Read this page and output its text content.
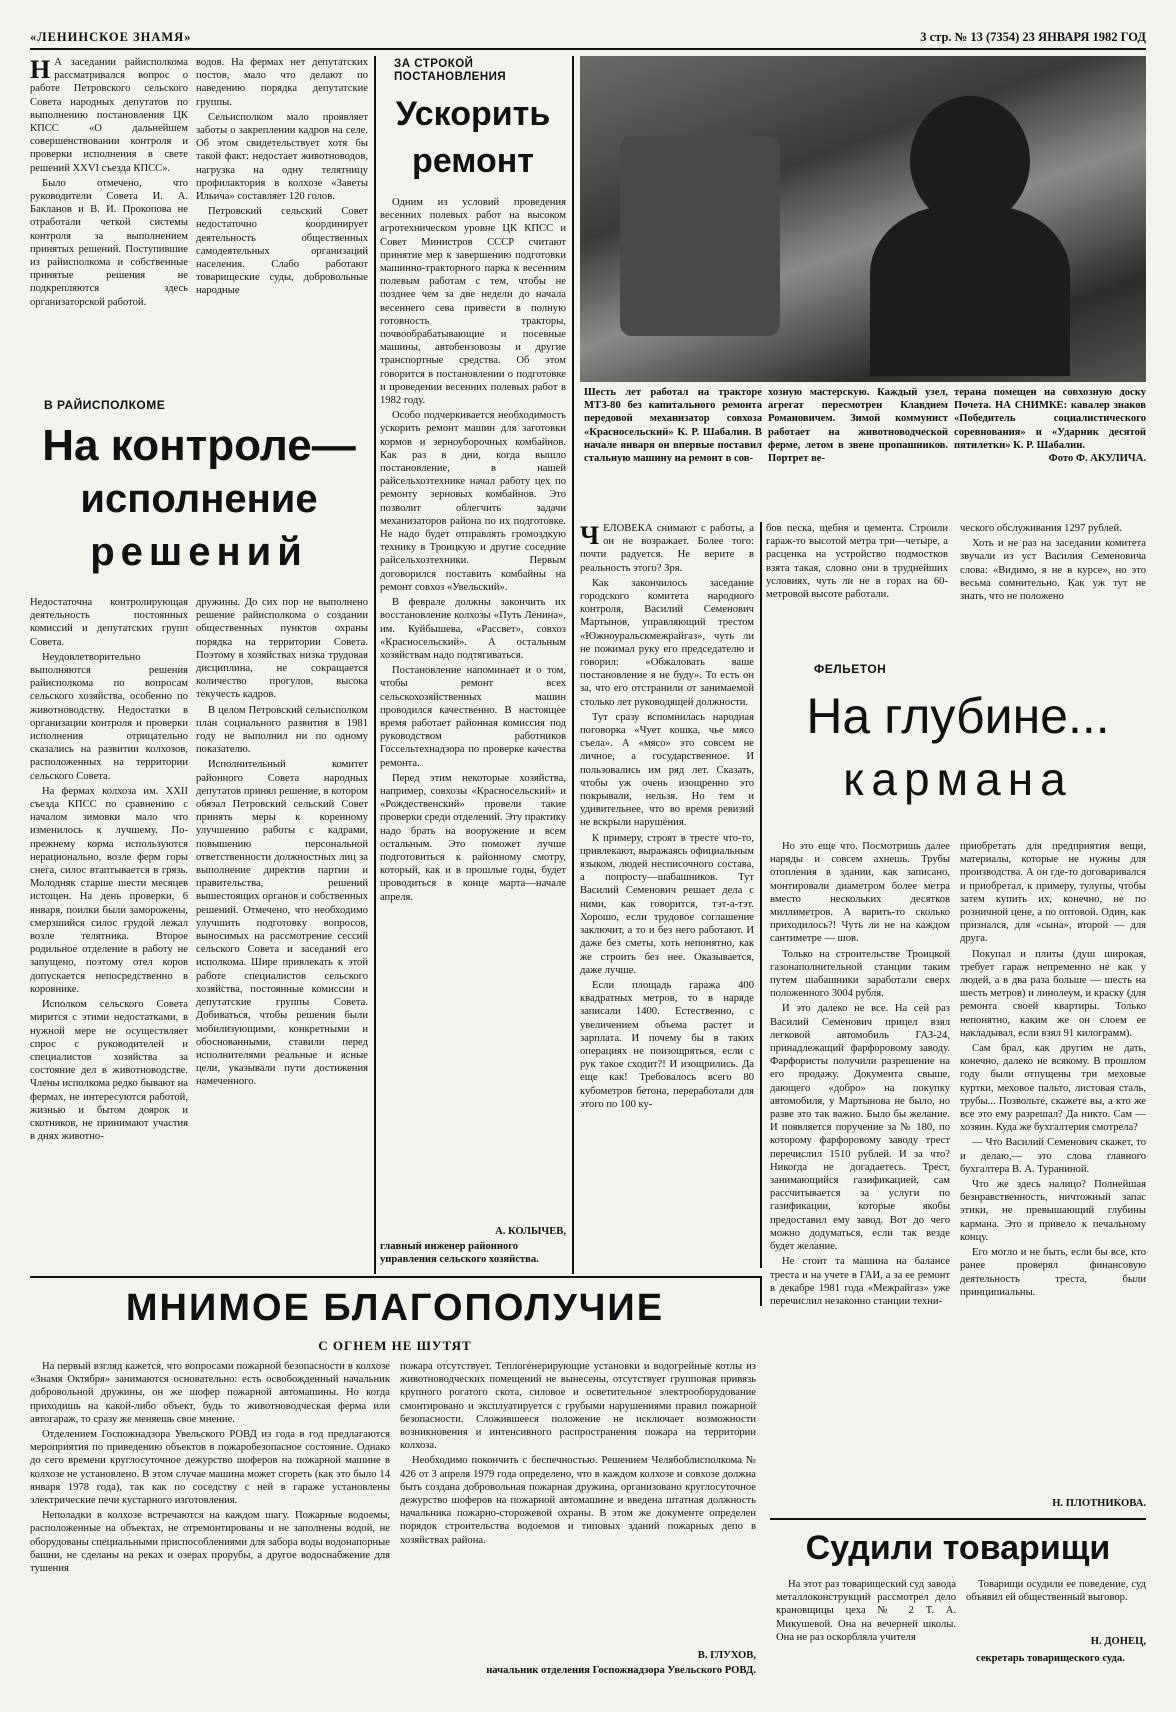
«ЛЕНИНСКОЕ ЗНАМЯ»	3 стр. № 13 (7354) 23 ЯНВАРЯ 1982 ГОД

Н А заседании райисполкома рассматривался вопрос о работе Петровского сельского Совета народных депутатов по выполнению постановления ЦК КПСС «О дальнейшем совершенствовании контроля и проверки исполнения в свете решений XXVI съезда КПСС».

Было отмечено, что руководители Совета И. А. Бакланов и В. И. Прокопова не отработали четкой системы контроля за выполнением принятых решений. Поступившие из райисполкома и собственные принятые решения не подкрепляются здесь организаторской работой.

водов. На фермах нет депутатских постов, мало что делают по наведению порядка депутатские группы.

Сельисполком мало проявляет заботы о закреплении кадров на селе. Об этом свидетельствует хотя бы такой факт: недостает животноводов, нагрузка на одну телятницу профилактория в колхозе «Заветы Ильича» составляет 120 голов.

Петровский сельский Совет недостаточно координирует деятельность общественных самодеятельных организаций населения. Слабо работают товарищеские суды, добровольные народные

В РАЙИСПОЛКОМЕ
На контроле—
исполнение
решений

Недостаточна контролирующая деятельность постоянных комиссий и депутатских групп Совета.

Неудовлетворительно выполняются решения райисполкома по вопросам сельского хозяйства, особенно по животноводству. Недостатки в организации контроля и проверки исполнения отрицательно сказались на развитии колхозов, расположенных на территории сельского Совета.

На фермах колхоза им. XXII съезда КПСС по сравнению с началом зимовки мало что изменилось к лучшему. По-прежнему корма используются нерационально, возле ферм горы снега, силос втаптывается в грязь. Молодняк старше шести месяцев истощен. На день проверки, 6 января, поилки были заморожены, смерзшийся силос грудой лежал возле телятника. Второе родильное отделение в работу не запущено, поэтому отел коров допускается непосредственно в коровнике.

Исполком сельского Совета мирится с этими недостатками, в нужной мере не осуществляет спрос с руководителей и специалистов хозяйства за состояние дел в животноводстве. Члены исполкома редко бывают на фермах, не интересуются работой, жизнью и бытом доярок и скотников, не принимают участия в днях животно-

дружины. До сих пор не выполнено решение райисполкома о создании общественных пунктов охраны порядка на территории Совета. Поэтому в хозяйствах низка трудовая дисциплина, не сокращается количество прогулов, высока текучесть кадров.

В целом Петровский сельисполком план социального развития в 1981 году не выполнил ни по одному показателю.

Исполнительный комитет районного Совета народных депутатов принял решение, в котором обязал Петровский сельский Совет принять меры к коренному улучшению работы с кадрами, повышению персональной ответственности должностных лиц за выполнение директив партии и правительства, решений вышестоящих органов и собственных решений. Отмечено, что необходимо улучшить подготовку вопросов, выносимых на рассмотрение сессий сельского Совета и заседаний его исполкома. Шире привлекать к этой работе специалистов сельского хозяйства, постоянные комиссии и депутатские группы Совета. Добиваться, чтобы решения были мобилизующими, конкретными и обоснованными, ставили перед исполнителями реальные и ясные цели, указывали пути достижения намеченного.

ЗА СТРОКОЙ ПОСТАНОВЛЕНИЯ
Ускорить
ремонт

Одним из условий проведения весенних полевых работ на высоком агротехническом уровне ЦК КПСС и Совет Министров СССР считают принятие мер к завершению подготовки машинно-тракторного парка к весенним полевым работам с тем, чтобы не позднее чем за две недели до начала весеннего сева привести в полную готовность тракторы, почвообрабатывающие и посевные машины, автобензовозы и другие транспортные средства. Об этом говорится в постановлении о подготовке и проведении весенних полевых работ в 1982 году.

Особо подчеркивается необходимость ускорить ремонт машин для заготовки кормов и зерноуборочных комбайнов. Как раз в дни, когда вышло постановление, в нашей райсельхозтехнике начал работу цех по ремонту зерновых комбайнов. Это позволит облегчить задачи механизаторов района по их подготовке. Не надо будет отправлять громоздкую технику в Троицкую и другие соседние райсельхозтехники. Первым договорился поставить комбайны на ремонт совхоз «Увельский».

В феврале должны закончить их восстановление колхозы «Путь Ленина», им. Куйбышева, «Рассвет», совхоз «Красносельский». А остальным хозяйствам надо подтягиваться.

Постановление напоминает и о том, чтобы ремонт всех сельскохозяйственных машин проводился качественно. В настоящее время работает районная комиссия под руководством работников Госсельтехнадзора по проверке качества ремонта.

Перед этим некоторые хозяйства, например, совхозы «Красносельский» и «Рождественский» провели такие проверки среди отделений. Эту практику надо брать на вооружение и всем остальным. Это поможет лучше подготовиться к районному смотру, который, как и в прошлые годы, будет проводиться в конце марта—начале апреля.

А. КОЛЫЧЕВ,
главный инженер районного управления сельского хозяйства.
Шесть лет работал на тракторе МТЗ-80 без капитального ремонта передовой механизатор совхоза «Красносельский» К. Р. Шабалин. В начале января он впервые поставил стальную машину на ремонт в сов-
хозную мастерскую. Каждый узел, агрегат пересмотрен Клавдием Романовичем. Зимой коммунист работает на животноводческой ферме, летом в звене пропашников. Портрет ве-
терана помещен на совхозную доску Почета. НА СНИМКЕ: кавалер знаков «Победитель социалистического соревнования» и «Ударник десятой пятилетки» К. Р. Шабалин.
Фото Ф. АКУЛИЧА.

ЧЕЛОВЕКА снимают с работы, а он не возражает. Более того: почти радуется. Не верите в реальность этого? Зря.

Как закончилось заседание городского комитета народного контроля, Василий Семенович Мартынов, управляющий трестом «Южноуральскмежрайгаз», чуть ли не пожимал руку его председателю и говорил: «Обжаловать ваше постановление я не буду». То есть он за, что его отстранили от занимаемой столько лет руководящей должности.

Тут сразу вспомнилась народная поговорка «Чует кошка, чье мясо съела». А «мясо» это совсем не личное, а государственное. И пользовались им ряд лет. Сказать, чтобы уж очень изощренно это покрывали, нельзя. Но тем и удивительнее, что во время ревизий не вскрыли нарушения.

К примеру, строят в тресте что-то, привлекают, выражаясь официальным языком, людей несписочного состава, а попросту—шабашников. Тут Василий Семенович решает дела с ними, как говорится, тэт-а-тэт. Хорошо, если трудовое соглашение заключит, а то и без него работают. И даже без сметы, хоть непонятно, как же строить без нее. Оказывается, даже лучше.

Если площадь гаража 400 квадратных метров, то в наряде записали 1400. Естественно, с увеличением объема растет и зарплата. И почему бы в таких операциях не поизощряться, если с рук такое сходит?! И изощрились. Да еще как! Требовалось всего 80 кубометров бетона, переработали для этого по 100 ку-

бов песка, щебня и цемента. Строили гараж-то высотой метра три—четыре, а расценка на устройство подмостков взята такая, словно они в труднейших условиях, чуть ли не в горах на 60-метровой высоте работали.

ческого обслуживания 1297 рублей.

Хоть и не раз на заседании комитета звучали из уст Василия Семеновича слова: «Видимо, я не в курсе», но это весьма сомнительно. Как уж тут не знать, что не положено

ФЕЛЬЕТОН
На глубине...
кармана

Но это еще что. Посмотришь далее наряды и совсем ахнешь. Трубы отопления в здании, как записано, монтировали диаметром более метра вместо нескольких десятков миллиметров. А варить-то сколько приходилось?! Чуть ли не на каждом сантиметре — шов.

Только на строительстве Троицкой газонаполнительной станции таким путем шабашники заработали сверх положенного 3004 рубля.

И это далеко не все. На сей раз Василий Семенович прицел взял легковой автомобиль ГАЗ-24, принадлежащий фарфоровому заводу. Фарфористы получили разрешение на его продажу. Документа свыше, дающего «добро» на покупку автомобиля, у Мартынова не было, но разве это так важно. Было бы желание. И появляется поручение за № 180, по которому фарфоровому заводу трест перечислил 1510 рублей. И за что? Никогда не догадаетесь. Трест, занимающийся газификацией, сам рассчитывается за услуги по газификации, которые якобы предоставил ему завод. Вот до чего можно додуматься, если так везде будет желание.

Не стоит та машина на балансе треста и на учете в ГАИ, а за ее ремонт в декабре 1981 года «Межрайгаз» уже перечислил незаконно станции техни-

приобретать для предприятия вещи, материалы, которые не нужны для производства. А он где-то договаривался и приобретал, к примеру, тулупы, чтобы затем купить их, конечно, не по розничной цене, а по оптовой. Один, как признался, для «сына», второй — для друга.

Покупал и плиты (душ широкая, требует гараж непременно не как у людей, а в два раза больше — шесть на шесть метров) и линолеум, и краску (для ремонта своей квартиры. Только непонятно, каким же он слоем ее накладывал, если взял 91 килограмм).

Сам брал, как другим не дать, конечно, далеко не всякому. В прошлом году были отпущены три меховые куртки, меховое пальто, листовая сталь, трубы... Позвольте, скажете вы, а кто же все это ему разрешал? Да никто. Сам — хозяин. Куда же бухгалтерия смотрела?

— Что Василий Семенович скажет, то и делаю,— это слова главного бухгалтера В. А. Тураниной.

Что же здесь налицо? Полнейшая безнравственность, ничтожный запас этики, не превышающий глубины кармана. Это и привело к печальному концу.

Его могло и не быть, если бы все, кто ранее проверял финансовую деятельность треста, были принципиальны.

Н. ПЛОТНИКОВА.
МНИМОЕ БЛАГОПОЛУЧИЕ
С ОГНЕМ НЕ ШУТЯТ

На первый взгляд кажется, что вопросами пожарной безопасности в колхозе «Знамя Октября» занимаются основательно: есть освобожденный начальник добровольной дружины, он же шофер пожарной автомашины. Но когда приходишь на какой-либо объект, будь то животноводческая ферма или автогараж, то сразу же меняешь свое мнение.

Отделением Госпожнадзора Увельского РОВД из года в год предлагаются мероприятия по приведению объектов в пожаробезопасное состояние. Однако до сего времени круглосуточное дежурство шоферов на пожарной машине в колхозе не установлено. В этом случае машина может сгореть (как это было 14 января 1978 года), так как по соседству с ней в гараже установлены электрические печи кустарного изготовления.

Неполадки в колхозе встречаются на каждом шагу. Пожарные водоемы, расположенные на объектах, не отремонтированы и не заполнены водой, не оборудованы специальными приспособлениями для забора воды водонапорные башни, не сделаны на реках и озерах прорубы, а другое водоснабжение для тушения

пожара отсутствует. Теплогенерирующие установки и водогрейные котлы из животноводческих помещений не вынесены, отсутствует групповая привязь крупного рогатого скота, силовое и осветительное электрооборудование смонтировано и эксплуатируется с грубыми нарушениями правил пожарной безопасности. Сложившееся положение не исключает возможности возникновения и интенсивного распространения пожара на территории колхоза.

Необходимо покончить с беспечностью. Решением Челябоблисполкома № 426 от 3 апреля 1979 года определено, что в каждом колхозе и совхозе должна быть создана добровольная пожарная дружина, организовано круглосуточное дежурство шоферов на пожарной автомашине и введена штатная должность начальника пожарно-сторожевой охраны. В этом же документе определен порядок строительства водоемов и типовых зданий пожарных депо в хозяйствах района.

В. ГЛУХОВ,
начальник отделения Госпожнадзора Увельского РОВД.
Судили товарищи

На этот раз товарищеский суд завода металлоконструкций рассмотрел дело крановщицы цеха № 2 Т. А. Микушевой. Она на вечерней школы. Она не раз оскорбляла учителя

Товарищи осудили ее поведение, суд объявил ей общественный выговор.

Н. ДОНЕЦ,
секретарь товарищеского суда.
